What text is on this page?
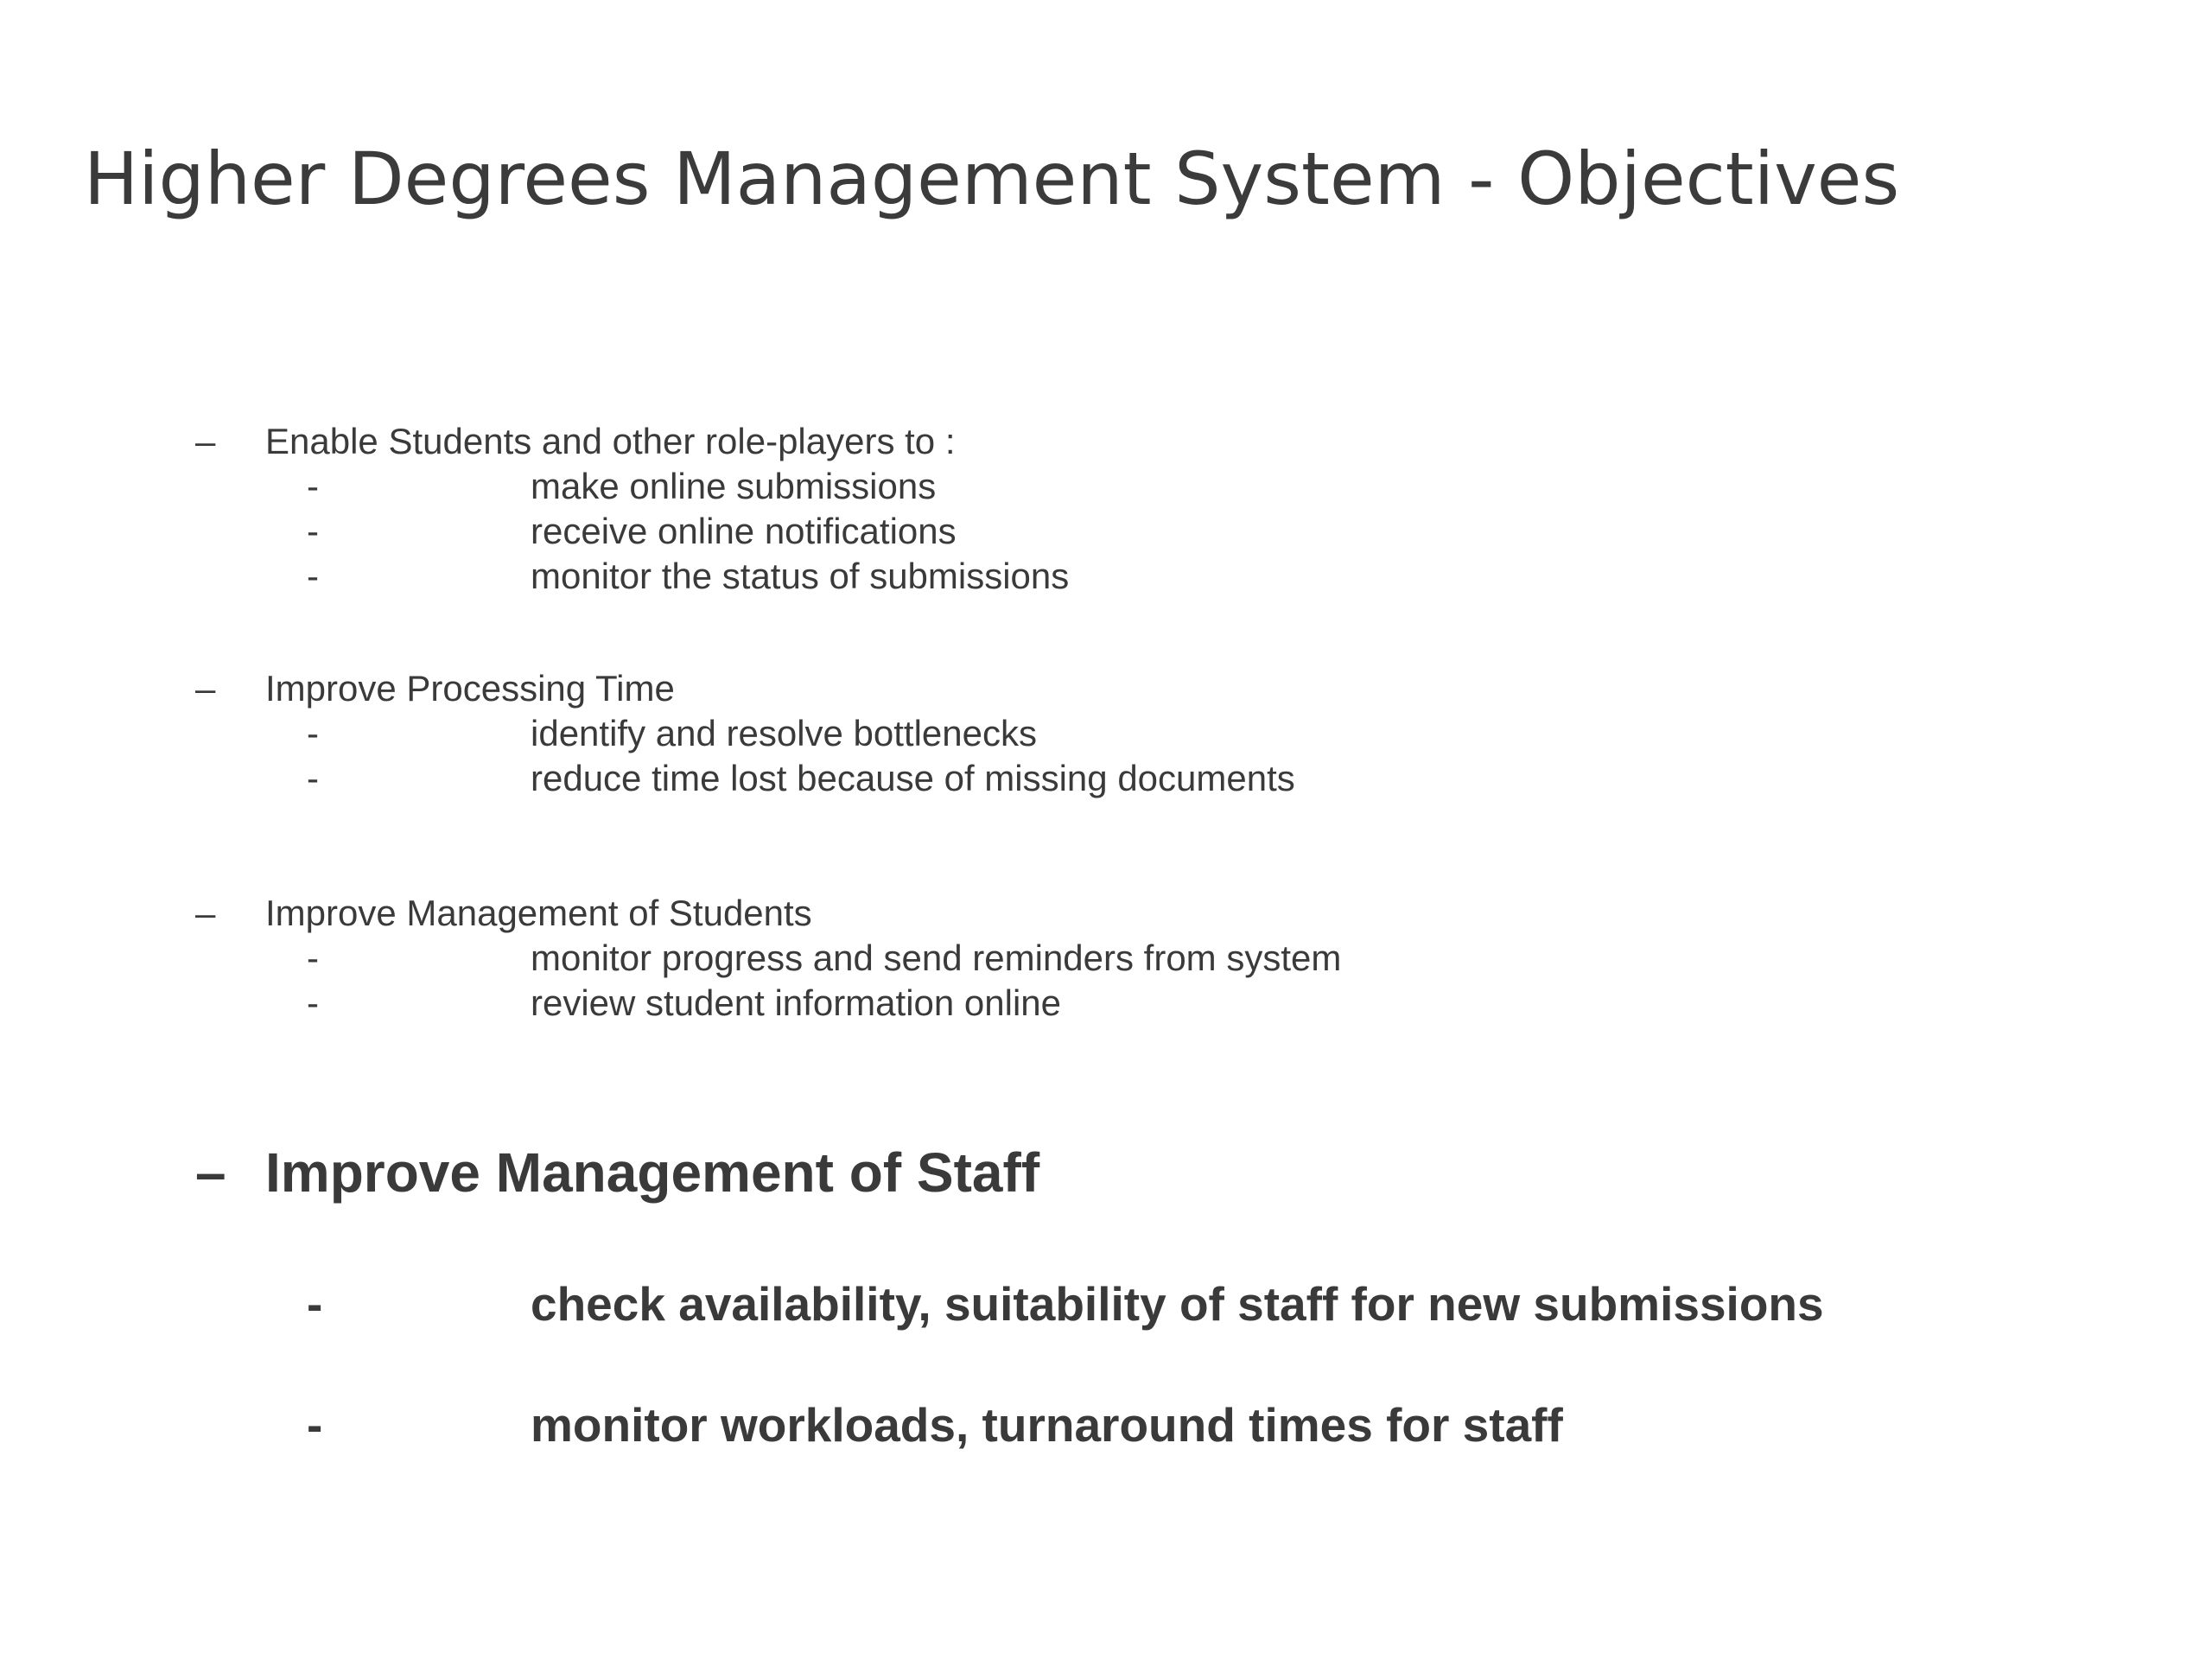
Higher Degrees Management System - Objectives
– Enable Students and other role-players to :
-	make online submissions
-	receive online notifications
-	monitor the status of submissions
– Improve Processing Time
-	identify and resolve bottlenecks
-	reduce time lost because of missing documents
– Improve Management of Students
-	monitor progress and send reminders from system
-	review student information online
– Improve Management of Staff
-	check availability, suitability of staff for new submissions
-	monitor workloads, turnaround times for staff
